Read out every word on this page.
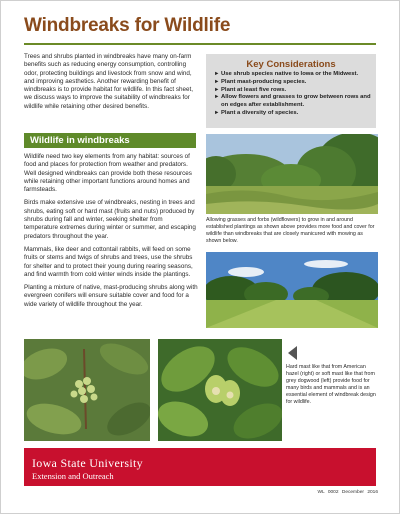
Windbreaks for Wildlife

Trees and shrubs planted in windbreaks have many on-farm benefits such as reducing energy consumption, controlling odor, protecting buildings and livestock from snow and wind, and improving aesthetics. Another rewarding benefit of windbreaks is to provide habitat for wildlife. In this fact sheet, we discuss ways to improve the suitability of windbreaks for wildlife while retaining other desired benefits.

Key Considerations
► Use shrub species native to Iowa or the Midwest.
► Plant mast-producing species.
► Plant at least five rows.
► Allow flowers and grasses to grow between rows and on edges after establishment.
► Plant a diversity of species.
Wildlife in windbreaks

Wildlife need two key elements from any habitat: sources of food and places for protection from weather and predators. Well designed windbreaks can provide both these resources while retaining other important functions around homes and farmsteads.

Birds make extensive use of windbreaks, nesting in trees and shrubs, eating soft or hard mast (fruits and nuts) produced by shrubs during fall and winter, seeking shelter from temperature extremes during winter or summer, and escaping predators throughout the year.

Mammals, like deer and cottontail rabbits, will feed on some fruits or stems and twigs of shrubs and trees, use the shrubs for shelter and to protect their young during rearing seasons, and find warmth from cold winter winds inside the plantings.

Planting a mixture of native, mast-producing shrubs along with evergreen conifers will ensure suitable cover and food for a wide variety of wildlife throughout the year.

Allowing grasses and forbs (wildflowers) to grow in and around established plantings as shown above provides more food and cover for wildlife than windbreaks that are closely manicured with mowing as shown below.
Hard mast like that from American hazel (right) or soft mast like that from grey dogwood (left) provide food for many birds and mammals and is an essential element of windbreak design for wildlife.
Iowa State University
Extension and Outreach
WL 0002 December 2016
